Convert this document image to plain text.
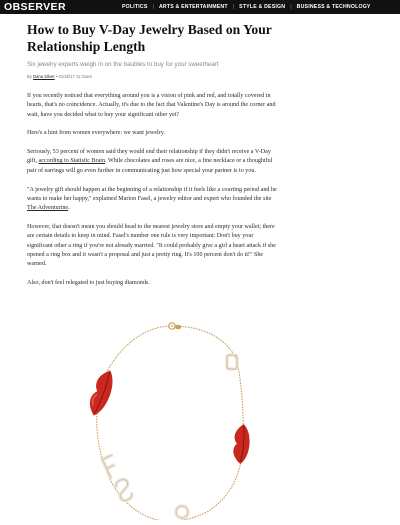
OBSERVER	POLITICS | ARTS & ENTERTAINMENT | STYLE & DESIGN | BUSINESS & TECHNOLOGY
How to Buy V-Day Jewelry Based on Your Relationship Length
Six jewelry experts weigh in on the baubles to buy for your sweetheart
By Dana Silver • 01/25/17 11:31am

If you recently noticed that everything around you is a vision of pink and red, and totally covered in hearts, that's no coincidence. Actually, it's due to the fact that Valentine's Day is around the corner and wait, have you decided what to buy your significant other yet?

Here's a hint from women everywhere: we want jewelry.

Seriously, 53 percent of women said they would end their relationship if they didn't receive a V-Day gift, according to Statistic Brain. While chocolates and roses are nice, a fine necklace or a thoughtful pair of earrings will go even further in communicating just how special your partner is to you.

"A jewelry gift should happen at the beginning of a relationship if it feels like a courting period and he wants to make her happy," explained Marion Fasel, a jewelry editor and expert who founded the site The Adventurine.

However, that doesn't mean you should head to the nearest jewelry store and empty your wallet; there are certain details to keep in mind. Fasel's number one rule is very important: Don't buy your significant other a ring if you're not already married. "It could probably give a girl a heart attack if she opened a ring box and it wasn't a proposal and just a pretty ring. It's 100 percent don't do it!" She warned.

Also, don't feel relegated to just buying diamonds.
